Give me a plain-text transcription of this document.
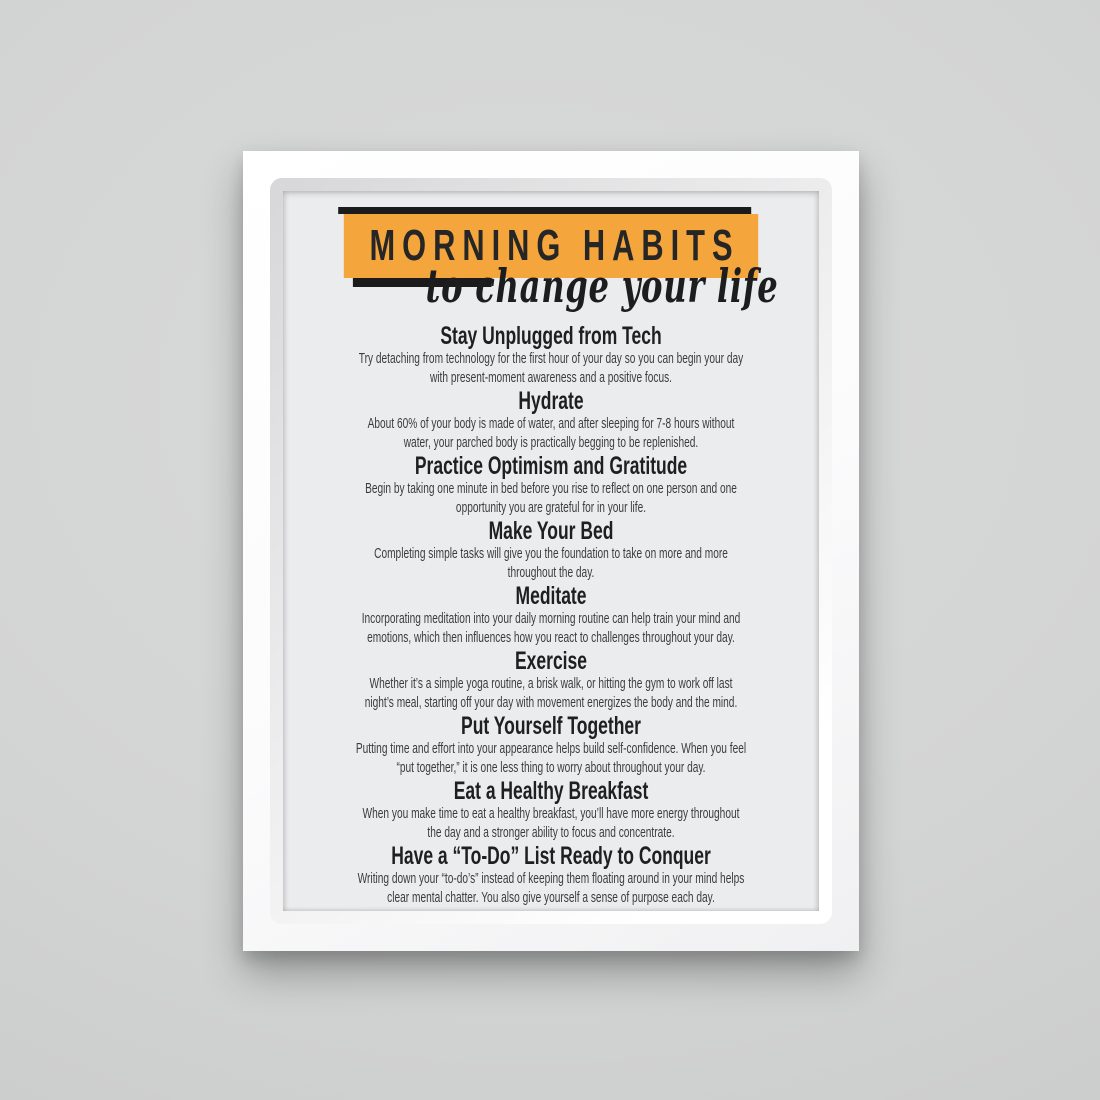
MORNING HABITS
to change your life
Stay Unplugged from Tech

Try detaching from technology for the first hour of your day so you can begin your day with present-moment awareness and a positive focus.

Hydrate

About 60% of your body is made of water, and after sleeping for 7-8 hours without water, your parched body is practically begging to be replenished.

Practice Optimism and Gratitude

Begin by taking one minute in bed before you rise to reflect on one person and one opportunity you are grateful for in your life.

Make Your Bed

Completing simple tasks will give you the foundation to take on more and more throughout the day.

Meditate

Incorporating meditation into your daily morning routine can help train your mind and emotions, which then influences how you react to challenges throughout your day.

Exercise

Whether it’s a simple yoga routine, a brisk walk, or hitting the gym to work off last night’s meal, starting off your day with movement energizes the body and the mind.

Put Yourself Together

Putting time and effort into your appearance helps build self-confidence. When you feel “put together,” it is one less thing to worry about throughout your day.

Eat a Healthy Breakfast

When you make time to eat a healthy breakfast, you’ll have more energy throughout the day and a stronger ability to focus and concentrate.

Have a “To-Do” List Ready to Conquer

Writing down your “to-do’s” instead of keeping them floating around in your mind helps clear mental chatter. You also give yourself a sense of purpose each day.
